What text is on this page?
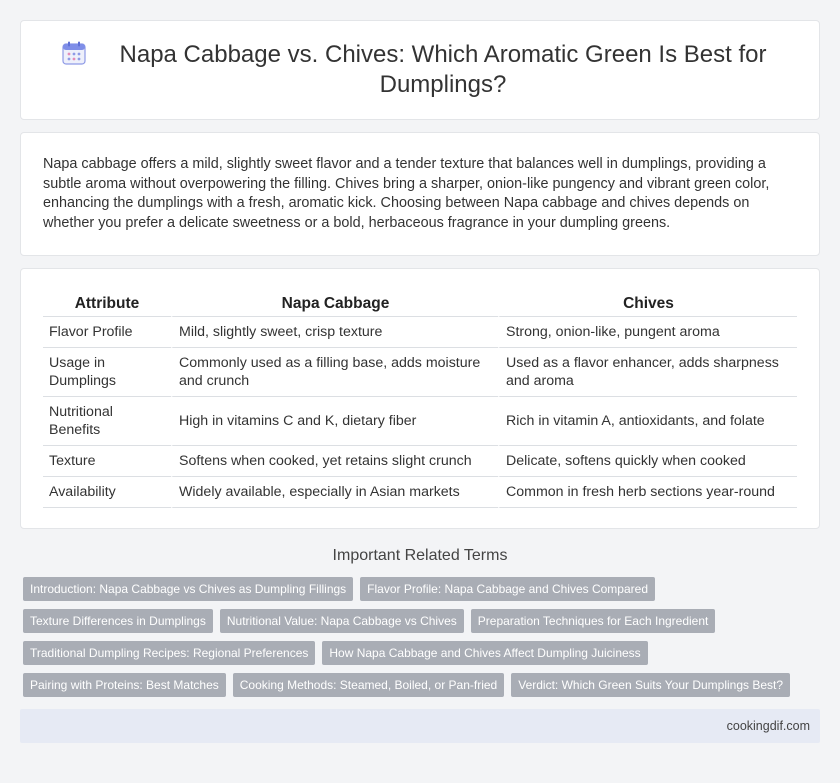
Napa Cabbage vs. Chives: Which Aromatic Green Is Best for Dumplings?

Napa cabbage offers a mild, slightly sweet flavor and a tender texture that balances well in dumplings, providing a subtle aroma without overpowering the filling. Chives bring a sharper, onion-like pungency and vibrant green color, enhancing the dumplings with a fresh, aromatic kick. Choosing between Napa cabbage and chives depends on whether you prefer a delicate sweetness or a bold, herbaceous fragrance in your dumpling greens.

Attribute	Napa Cabbage	Chives
Flavor Profile	Mild, slightly sweet, crisp texture	Strong, onion-like, pungent aroma
Usage in Dumplings	Commonly used as a filling base, adds moisture and crunch	Used as a flavor enhancer, adds sharpness and aroma
Nutritional Benefits	High in vitamins C and K, dietary fiber	Rich in vitamin A, antioxidants, and folate
Texture	Softens when cooked, yet retains slight crunch	Delicate, softens quickly when cooked
Availability	Widely available, especially in Asian markets	Common in fresh herb sections year-round
Important Related Terms
Introduction: Napa Cabbage vs Chives as Dumpling Fillings	Flavor Profile: Napa Cabbage and Chives Compared
Texture Differences in Dumplings	Nutritional Value: Napa Cabbage vs Chives	Preparation Techniques for Each Ingredient
Traditional Dumpling Recipes: Regional Preferences	How Napa Cabbage and Chives Affect Dumpling Juiciness
Pairing with Proteins: Best Matches	Cooking Methods: Steamed, Boiled, or Pan-fried	Verdict: Which Green Suits Your Dumplings Best?
cookingdif.com
